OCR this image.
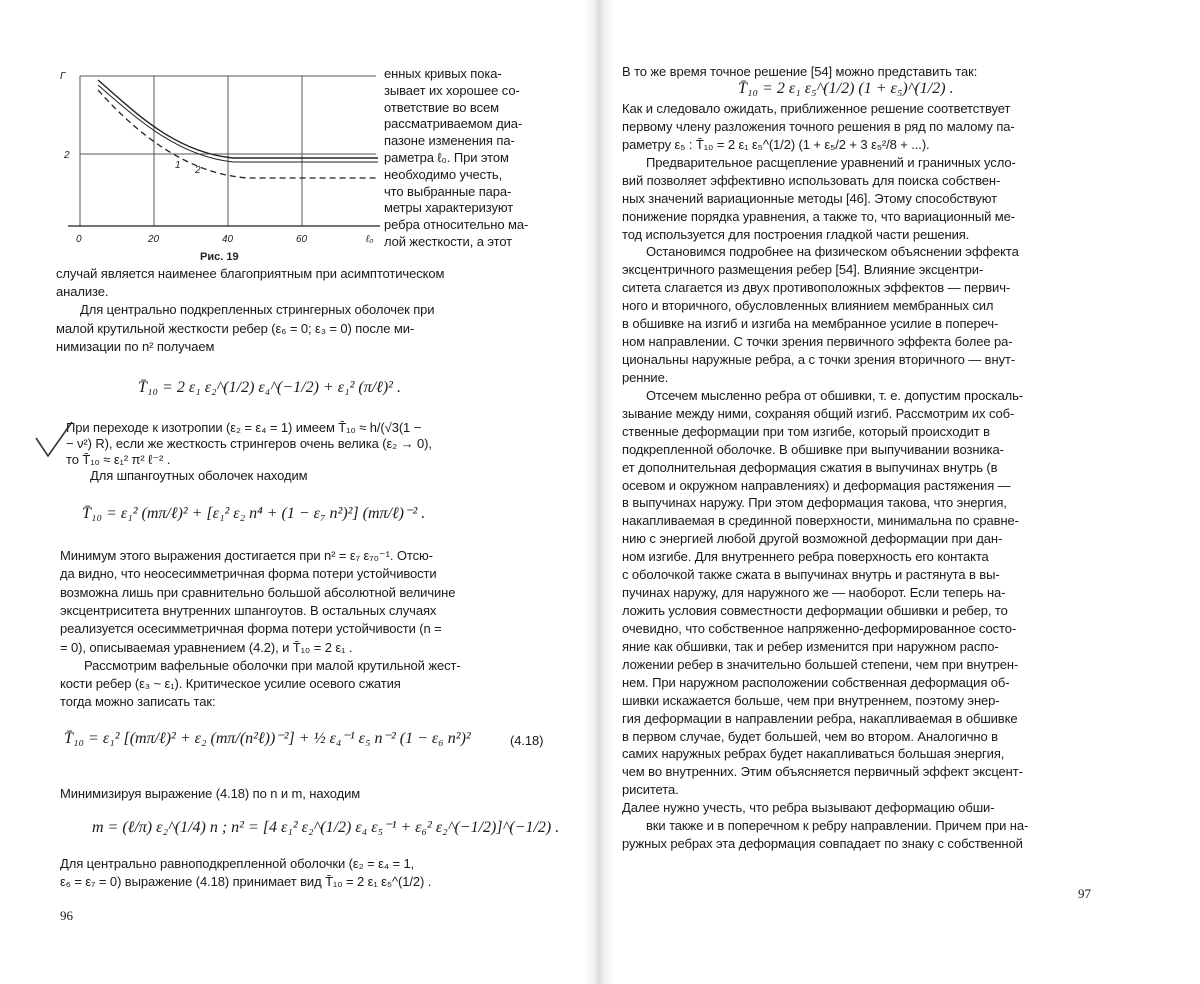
Γ
2
1 2
0	20	40	60	ℓ₀
Рис. 19
енных кривых пока-
зывает их хорошее со-
ответствие во всем
рассматриваемом диа-
пазоне изменения па-
раметра ℓ₀. При этом
необходимо учесть,
что выбранные пара-
метры характеризуют
ребра относительно ма-
лой жесткости, а этот
случай является наименее благоприятным при асимптотическом
анализе.
Для центрально подкрепленных стрингерных оболочек при
малой крутильной жесткости ребер (ε₆ = 0; ε₃ = 0) после ми-
нимизации по n² получаем
T̄₁₀ = 2 ε₁ ε₂^(1/2) ε₄^(−1/2) + ε₁² (π/ℓ)² .
При переходе к изотропии (ε₂ = ε₄ = 1) имеем T̄₁₀ ≈ h/(√3(1 −
− ν²) R), если же жесткость стрингеров очень велика (ε₂ → 0),
то T̄₁₀ ≈ ε₁² π² ℓ⁻² .
Для шпангоутных оболочек находим
T̄₁₀ = ε₁² (mπ/ℓ)² + [ε₁² ε₂ n⁴ + (1 − ε₇ n²)²] (mπ/ℓ)⁻² .
Минимум этого выражения достигается при n² = ε₇ ε₇₀⁻¹. Отсю-
да видно, что неосесимметричная форма потери устойчивости
возможна лишь при сравнительно большой абсолютной величине
эксцентриситета внутренних шпангоутов. В остальных случаях
реализуется осесимметричная форма потери устойчивости (n =
= 0), описываемая уравнением (4.2), и T̄₁₀ = 2 ε₁ .
Рассмотрим вафельные оболочки при малой крутильной жест-
кости ребер (ε₃ ~ ε₁). Критическое усилие осевого сжатия
тогда можно записать так:
T̄₁₀ = ε₁² [(mπ/ℓ)² + ε₂ (mπ/(n²ℓ))⁻²] + ½ ε₄⁻¹ ε₅ n⁻² (1 − ε₆ n²)²	(4.18)
Минимизируя выражение (4.18) по n и m, находим
m = (ℓ/π) ε₂^(1/4) n ; n² = [4 ε₁² ε₂^(1/2) ε₄ ε₅⁻¹ + ε₆² ε₂^(−1/2)]^(−1/2) .
Для центрально равноподкрепленной оболочки (ε₂ = ε₄ = 1,
ε₆ = ε₇ = 0) выражение (4.18) принимает вид T̄₁₀ = 2 ε₁ ε₅^(1/2) .
96
В то же время точное решение [54] можно представить так:
T̄₁₀ = 2 ε₁ ε₅^(1/2) (1 + ε₅)^(1/2) .
Как и следовало ожидать, приближенное решение соответствует
первому члену разложения точного решения в ряд по малому па-
раметру ε₅ : T̄₁₀ = 2 ε₁ ε₅^(1/2) (1 + ε₅/2 + 3 ε₅²/8 + ...).
Предварительное расщепление уравнений и граничных усло-
вий позволяет эффективно использовать для поиска собствен-
ных значений вариационные методы [46]. Этому способствуют
понижение порядка уравнения, а также то, что вариационный ме-
тод используется для построения гладкой части решения.
Остановимся подробнее на физическом объяснении эффекта
эксцентричного размещения ребер [54]. Влияние эксцентри-
ситета слагается из двух противоположных эффектов — первич-
ного и вторичного, обусловленных влиянием мембранных сил
в обшивке на изгиб и изгиба на мембранное усилие в попереч-
ном направлении. С точки зрения первичного эффекта более ра-
циональны наружные ребра, а с точки зрения вторичного — внут-
ренние.
Отсечем мысленно ребра от обшивки, т. е. допустим проскаль-
зывание между ними, сохраняя общий изгиб. Рассмотрим их соб-
ственные деформации при том изгибе, который происходит в
подкрепленной оболочке. В обшивке при выпучивании возника-
ет дополнительная деформация сжатия в выпучинах внутрь (в
осевом и окружном направлениях) и деформация растяжения —
в выпучинах наружу. При этом деформация такова, что энергия,
накапливаемая в срединной поверхности, минимальна по сравне-
нию с энергией любой другой возможной деформации при дан-
ном изгибе. Для внутреннего ребра поверхность его контакта
с оболочкой также сжата в выпучинах внутрь и растянута в вы-
пучинах наружу, для наружного же — наоборот. Если теперь на-
ложить условия совместности деформации обшивки и ребер, то
очевидно, что собственное напряженно-деформированное состо-
яние как обшивки, так и ребер изменится при наружном распо-
ложении ребер в значительно большей степени, чем при внутрен-
нем. При наружном расположении собственная деформация об-
шивки искажается больше, чем при внутреннем, поэтому энер-
гия деформации в направлении ребра, накапливаемая в обшивке
в первом случае, будет большей, чем во втором. Аналогично в
самих наружных ребрах будет накапливаться большая энергия,
чем во внутренних. Этим объясняется первичный эффект эксцент-
риситета.
Далее нужно учесть, что ребра вызывают деформацию обши-
вки также и в поперечном к ребру направлении. Причем при на-
ружных ребрах эта деформация совпадает по знаку с собственной
97
